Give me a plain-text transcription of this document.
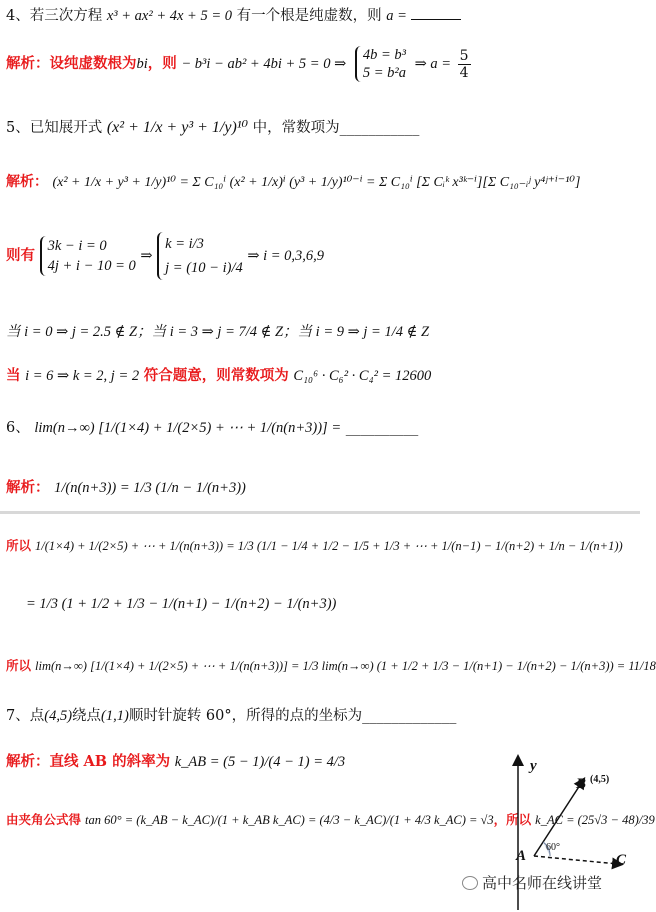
4、若三次方程 x³ + ax² + 4x + 5 = 0 有一个根是纯虚数，则 a =
解析：设纯虚数根为bi，则 − b³i − ab² + 4bi + 5 = 0 ⇒
4b = b³
5 = b²a
⇒ $a = \frac{5}{4}$
5、已知展开式 (x² + 1/x + y³ + 1/y)¹⁰ 中，常数项为___________
解析： (x² + 1/x + y³ + 1/y)¹⁰ = Σ C₁₀ⁱ (x² + 1/x)ⁱ (y³ + 1/y)¹⁰⁻ⁱ = Σ C₁₀ⁱ [Σ Cᵢᵏ x³ᵏ⁻ⁱ][Σ C₁₀₋ᵢʲ y⁴ʲ⁺ⁱ⁻¹⁰]
则有
3k − i = 0
4j + i − 10 = 0
⇒
k = i/3
j = (10 − i)/4
⇒ i = 0,3,6,9
当 i = 0 ⇒ j = 2.5 ∉ Z；当 i = 3 ⇒ j = 7/4 ∉ Z；当 i = 9 ⇒ j = 1/4 ∉ Z
当 i = 6 ⇒ k = 2, j = 2 符合题意，则常数项为 C₁₀⁶ · C₆² · C₄² = 12600
6、 lim(n→∞) [1/(1×4) + 1/(2×5) + ⋯ + 1/(n(n+3))] = __________
解析： 1/(n(n+3)) = 1/3 (1/n − 1/(n+3))
所以 1/(1×4) + 1/(2×5) + ⋯ + 1/(n(n+3)) = 1/3 (1/1 − 1/4 + 1/2 − 1/5 + 1/3 + ⋯ + 1/(n−1) − 1/(n+2) + 1/n − 1/(n+1))
= 1/3 (1 + 1/2 + 1/3 − 1/(n+1) − 1/(n+2) − 1/(n+3))
所以 lim(n→∞) [1/(1×4) + 1/(2×5) + ⋯ + 1/(n(n+3))] = 1/3 lim(n→∞) (1 + 1/2 + 1/3 − 1/(n+1) − 1/(n+2) − 1/(n+3)) = 11/18
7、点(4,5)绕点(1,1)顺时针旋转 60°，所得的点的坐标为_____________
解析：直线 AB 的斜率为 k_AB = (5 − 1)/(4 − 1) = 4/3
由夹角公式得 tan 60° = (k_AB − k_AC)/(1 + k_AB k_AC) = (4/3 − k_AC)/(1 + 4/3 k_AC) = √3，所以 k_AC = (25√3 − 48)/39
y
60°
B (4,5)
A	C
高中名师在线讲堂
